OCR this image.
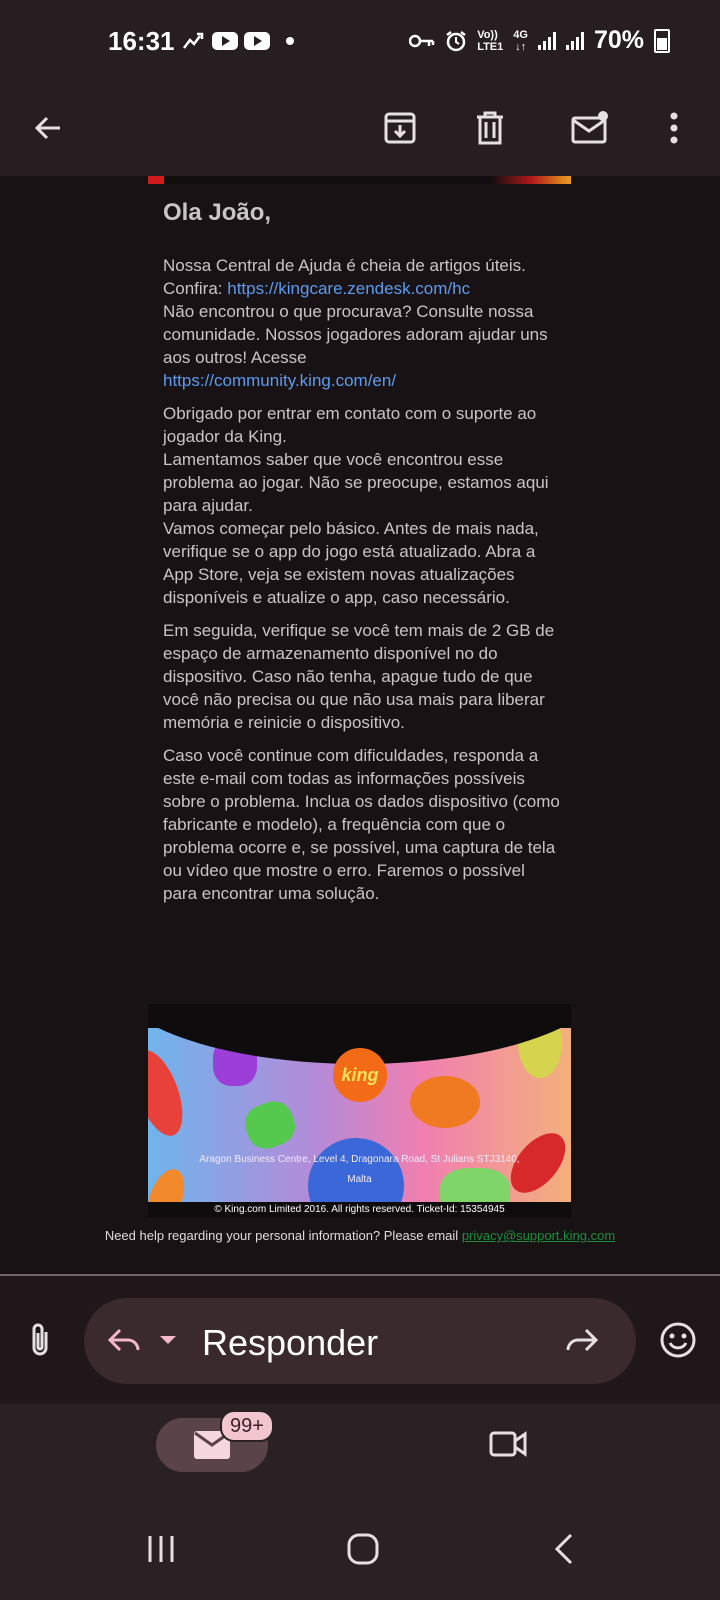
16:31	Vo))
LTE1
4G
↓↑	70%
Ola João,

Nossa Central de Ajuda é cheia de artigos úteis. Confira: https://kingcare.zendesk.com/hc
Não encontrou o que procurava? Consulte nossa comunidade. Nossos jogadores adoram ajudar uns aos outros! Acesse
https://community.king.com/en/

Obrigado por entrar em contato com o suporte ao jogador da King.
Lamentamos saber que você encontrou esse problema ao jogar. Não se preocupe, estamos aqui para ajudar.
Vamos começar pelo básico. Antes de mais nada, verifique se o app do jogo está atualizado. Abra a App Store, veja se existem novas atualizações disponíveis e atualize o app, caso necessário.

Em seguida, verifique se você tem mais de 2 GB de espaço de armazenamento disponível no do dispositivo. Caso não tenha, apague tudo de que você não precisa ou que não usa mais para liberar memória e reinicie o dispositivo.

Caso você continue com dificuldades, responda a este e-mail com todas as informações possíveis sobre o problema. Inclua os dados dispositivo (como fabricante e modelo), a frequência com que o problema ocorre e, se possível, uma captura de tela ou vídeo que mostre o erro. Faremos o possível para encontrar uma solução.

king
Aragon Business Centre, Level 4, Dragonara Road, St Julians STJ3140,
Malta
© King.com Limited 2016. All rights reserved. Ticket-Id: 15354945
Need help regarding your personal information? Please email privacy@support.king.com
Responder
99+
